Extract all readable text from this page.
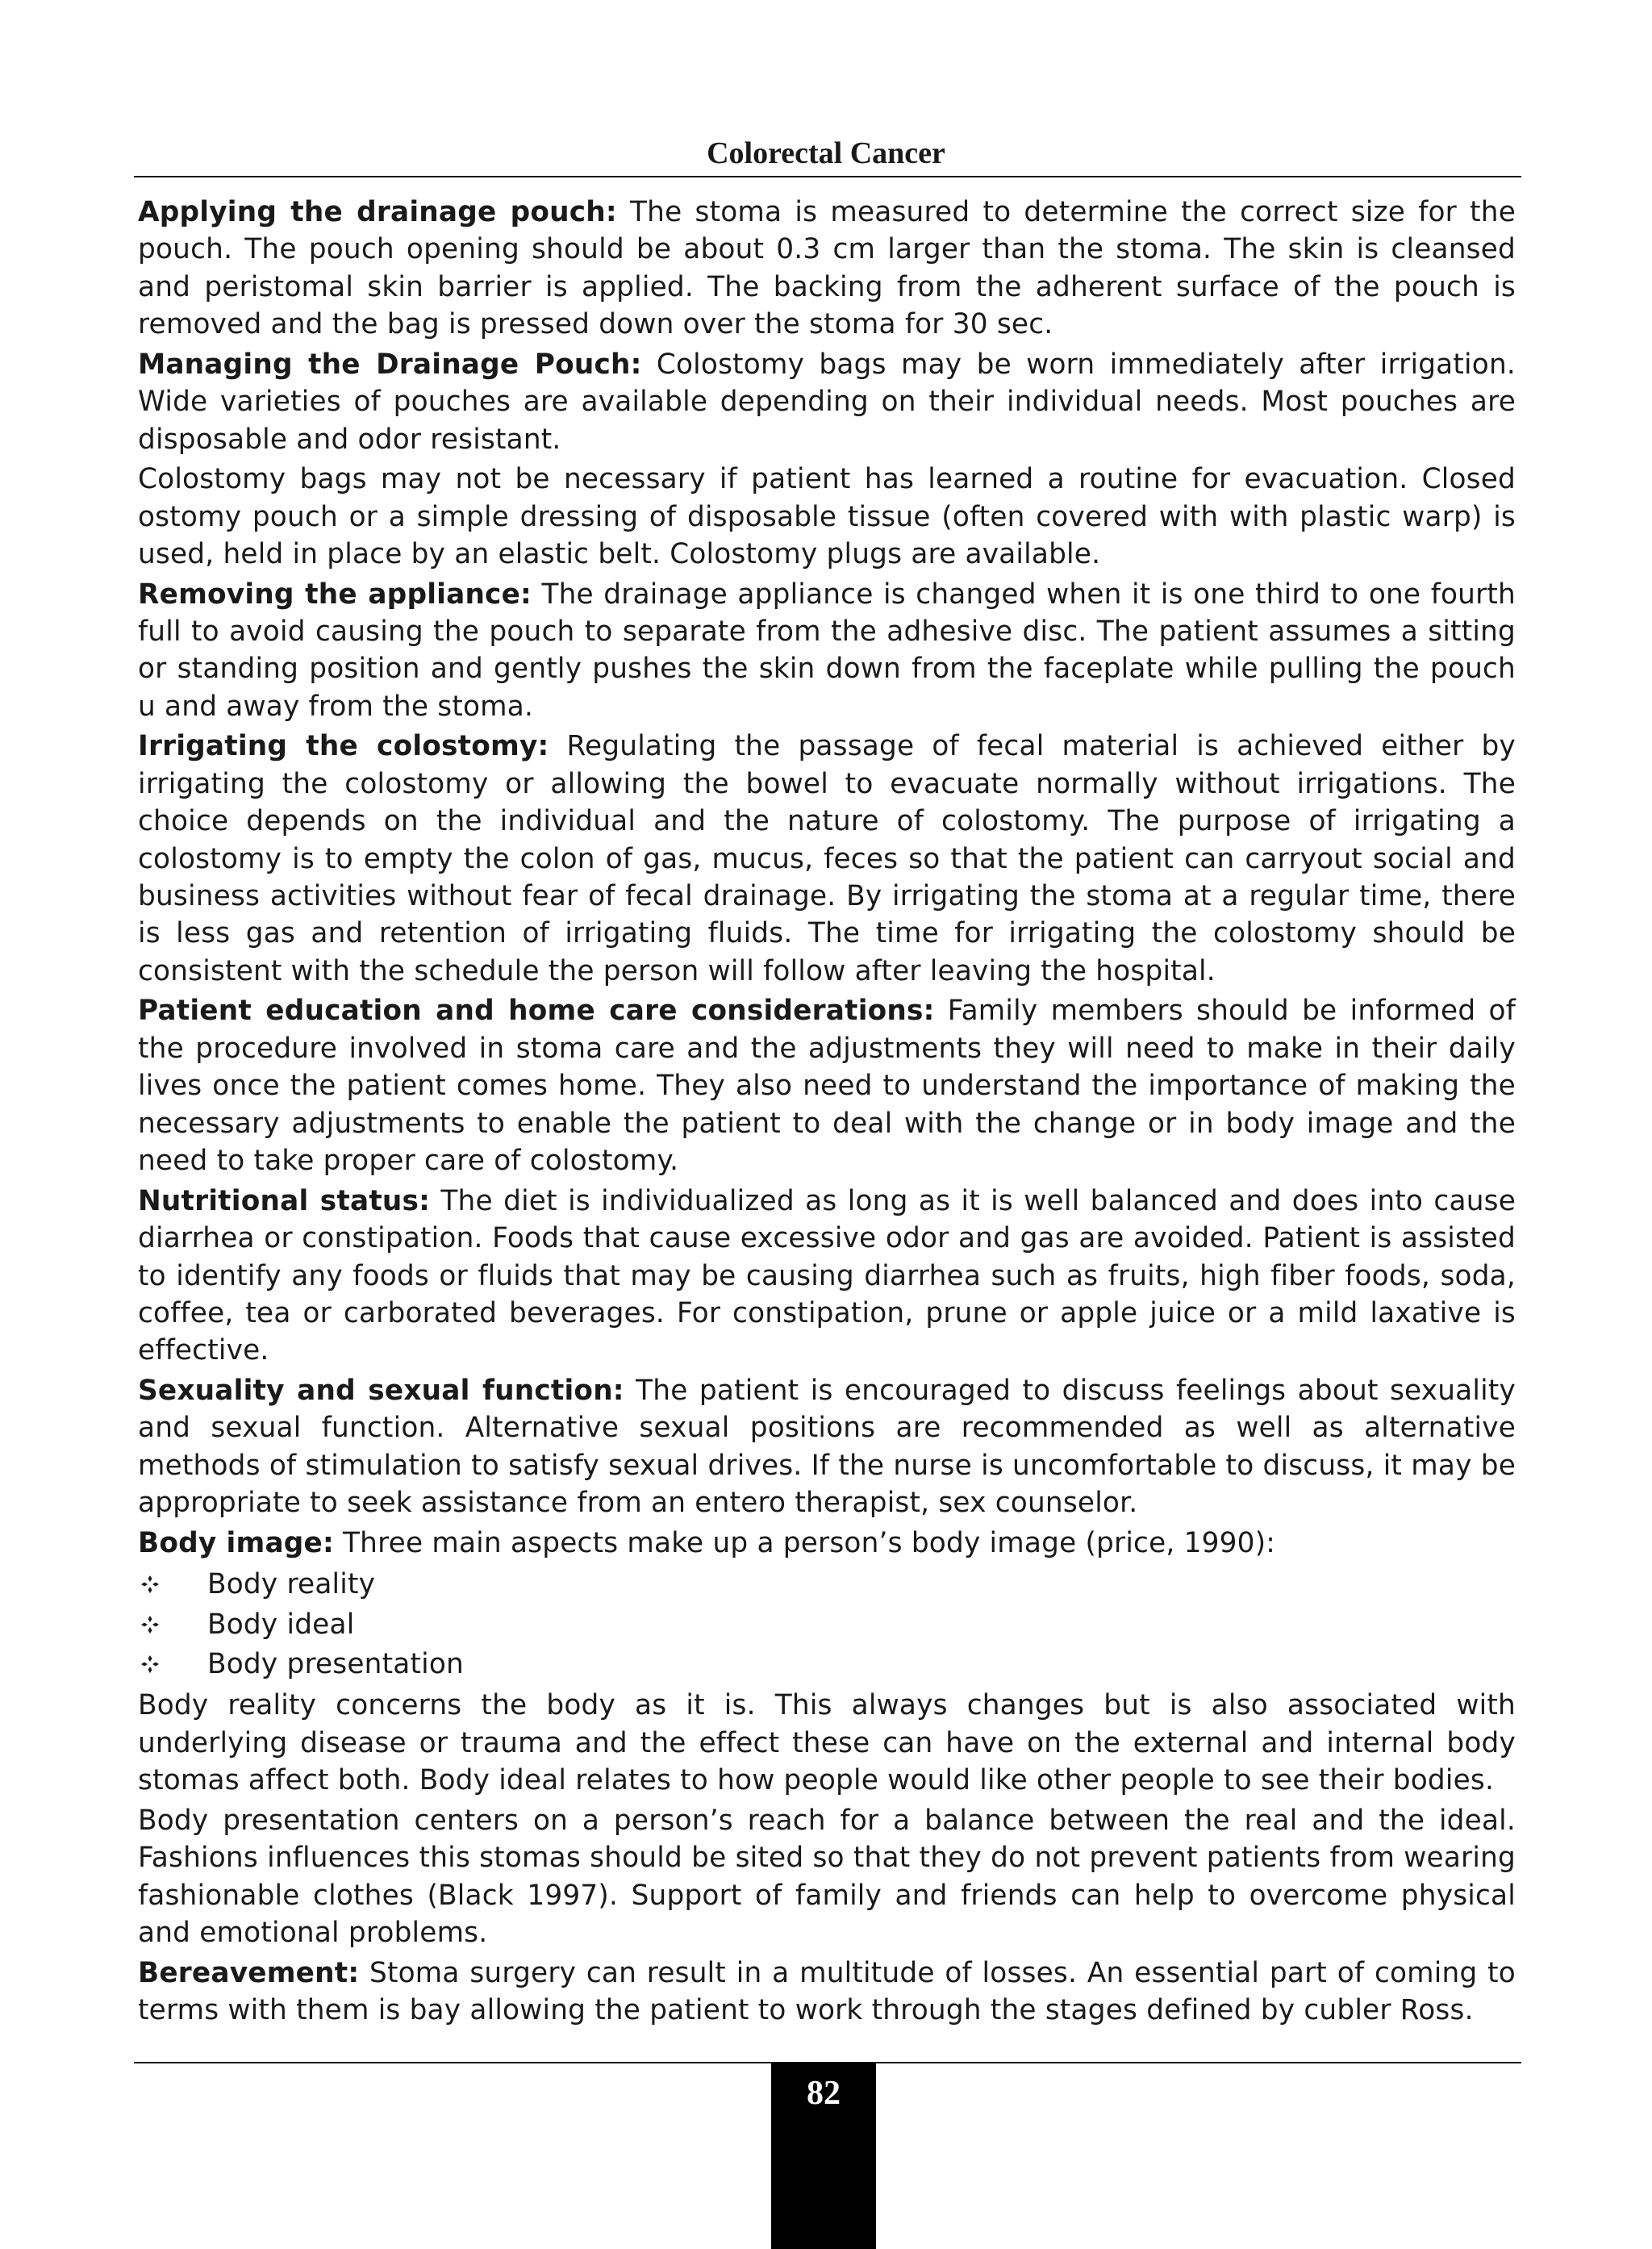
Colorectal Cancer

Applying the drainage pouch: The stoma is measured to determine the correct size for the pouch. The pouch opening should be about 0.3 cm larger than the stoma. The skin is cleansed and peristomal skin barrier is applied. The backing from the adherent surface of the pouch is removed and the bag is pressed down over the stoma for 30 sec.

Managing the Drainage Pouch: Colostomy bags may be worn immediately after irrigation. Wide varieties of pouches are available depending on their individual needs. Most pouches are disposable and odor resistant.

Colostomy bags may not be necessary if patient has learned a routine for evacuation. Closed ostomy pouch or a simple dressing of disposable tissue (often covered with with plastic warp) is used, held in place by an elastic belt. Colostomy plugs are available.

Removing the appliance: The drainage appliance is changed when it is one third to one fourth full to avoid causing the pouch to separate from the adhesive disc. The patient assumes a sitting or standing position and gently pushes the skin down from the faceplate while pulling the pouch u and away from the stoma.

Irrigating the colostomy: Regulating the passage of fecal material is achieved either by irrigating the colostomy or allowing the bowel to evacuate normally without irrigations. The choice depends on the individual and the nature of colostomy. The purpose of irrigating a colostomy is to empty the colon of gas, mucus, feces so that the patient can carryout social and business activities without fear of fecal drainage. By irrigating the stoma at a regular time, there is less gas and retention of irrigating fluids. The time for irrigating the colostomy should be consistent with the schedule the person will follow after leaving the hospital.

Patient education and home care considerations: Family members should be informed of the procedure involved in stoma care and the adjustments they will need to make in their daily lives once the patient comes home. They also need to understand the importance of making the necessary adjustments to enable the patient to deal with the change or in body image and the need to take proper care of colostomy.

Nutritional status: The diet is individualized as long as it is well balanced and does into cause diarrhea or constipation. Foods that cause excessive odor and gas are avoided. Patient is assisted to identify any foods or fluids that may be causing diarrhea such as fruits, high fiber foods, soda, coffee, tea or carborated beverages. For constipation, prune or apple juice or a mild laxative is effective.

Sexuality and sexual function: The patient is encouraged to discuss feelings about sexuality and sexual function. Alternative sexual positions are recommended as well as alternative methods of stimulation to satisfy sexual drives. If the nurse is uncomfortable to discuss, it may be appropriate to seek assistance from an entero therapist, sex counselor.

Body image: Three main aspects make up a person’s body image (price, 1990):

Body reality
Body ideal
Body presentation

Body reality concerns the body as it is. This always changes but is also associated with underlying disease or trauma and the effect these can have on the external and internal body stomas affect both. Body ideal relates to how people would like other people to see their bodies.

Body presentation centers on a person’s reach for a balance between the real and the ideal. Fashions influences this stomas should be sited so that they do not prevent patients from wearing fashionable clothes (Black 1997). Support of family and friends can help to overcome physical and emotional problems.

Bereavement: Stoma surgery can result in a multitude of losses. An essential part of coming to terms with them is bay allowing the patient to work through the stages defined by cubler Ross.

82
